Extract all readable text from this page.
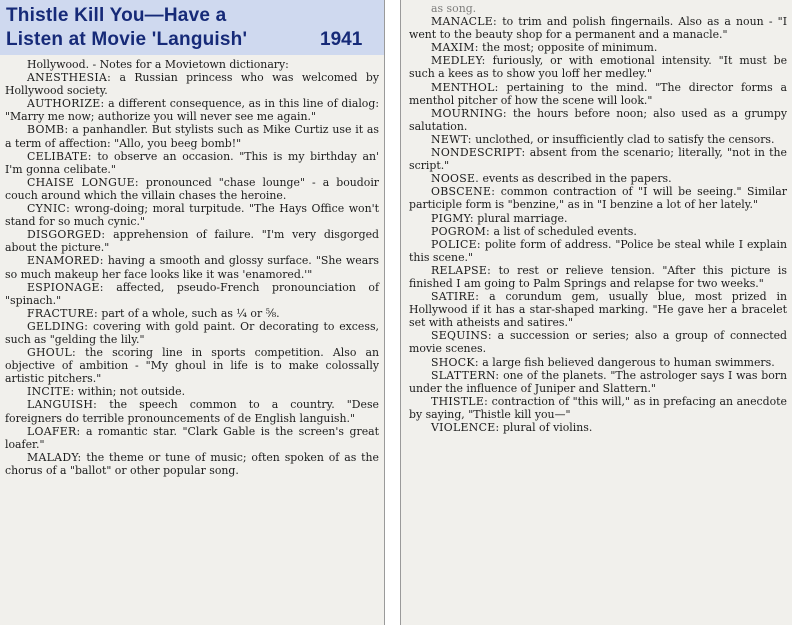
Thistle Kill You—Have a
Listen at Movie 'Languish'	1941

Hollywood. - Notes for a Movietown dictionary:

ANESTHESIA: a Russian princess who was welcomed by Hollywood society.

AUTHORIZE: a different consequence, as in this line of dialog: "Marry me now; authorize you will never see me again."

BOMB: a panhandler. But stylists such as Mike Curtiz use it as a term of affection: "Allo, you beeg bomb!"

CELIBATE: to observe an occasion. "This is my birthday an' I'm gonna celibate."

CHAISE LONGUE: pronounced "chase lounge" - a boudoir couch around which the villain chases the heroine.

CYNIC: wrong-doing; moral turpitude. "The Hays Office won't stand for so much cynic."

DISGORGED: apprehension of failure. "I'm very disgorged about the picture."

ENAMORED: having a smooth and glossy surface. "She wears so much makeup her face looks like it was 'enamored.'"

ESPIONAGE: affected, pseudo-French pronounciation of "spinach."

FRACTURE: part of a whole, such as ¼ or ⅝.

GELDING: covering with gold paint. Or decorating to excess, such as "gelding the lily."

GHOUL: the scoring line in sports competition. Also an objective of ambition - "My ghoul in life is to make colossally artistic pitchers."

INCITE: within; not outside.

LANGUISH: the speech common to a country. "Dese foreigners do terrible pronouncements of de English languish."

LOAFER: a romantic star. "Clark Gable is the screen's great loafer."

MALADY: the theme or tune of music; often spoken of as the chorus of a "ballot" or other popular song.

as song.

MANACLE: to trim and polish fingernails. Also as a noun - "I went to the beauty shop for a permanent and a manacle."

MAXIM: the most; opposite of minimum.

MEDLEY: furiously, or with emotional intensity. "It must be such a kees as to show you loff her medley."

MENTHOL: pertaining to the mind. "The director forms a menthol pitcher of how the scene will look."

MOURNING: the hours before noon; also used as a grumpy salutation.

NEWT: unclothed, or insufficiently clad to satisfy the censors.

NONDESCRIPT: absent from the scenario; literally, "not in the script."

NOOSE. events as described in the papers.

OBSCENE: common contraction of "I will be seeing." Similar participle form is "benzine," as in "I benzine a lot of her lately."

PIGMY: plural marriage.

POGROM: a list of scheduled events.

POLICE: polite form of address. "Police be steal while I explain this scene."

RELAPSE: to rest or relieve tension. "After this picture is finished I am going to Palm Springs and relapse for two weeks."

SATIRE: a corundum gem, usually blue, most prized in Hollywood if it has a star-shaped marking. "He gave her a bracelet set with atheists and satires."

SEQUINS: a succession or series; also a group of connected movie scenes.

SHOCK: a large fish believed dangerous to human swimmers.

SLATTERN: one of the planets. "The astrologer says I was born under the influence of Juniper and Slattern."

THISTLE: contraction of "this will," as in prefacing an anecdote by saying, "Thistle kill you—"

VIOLENCE: plural of violins.
